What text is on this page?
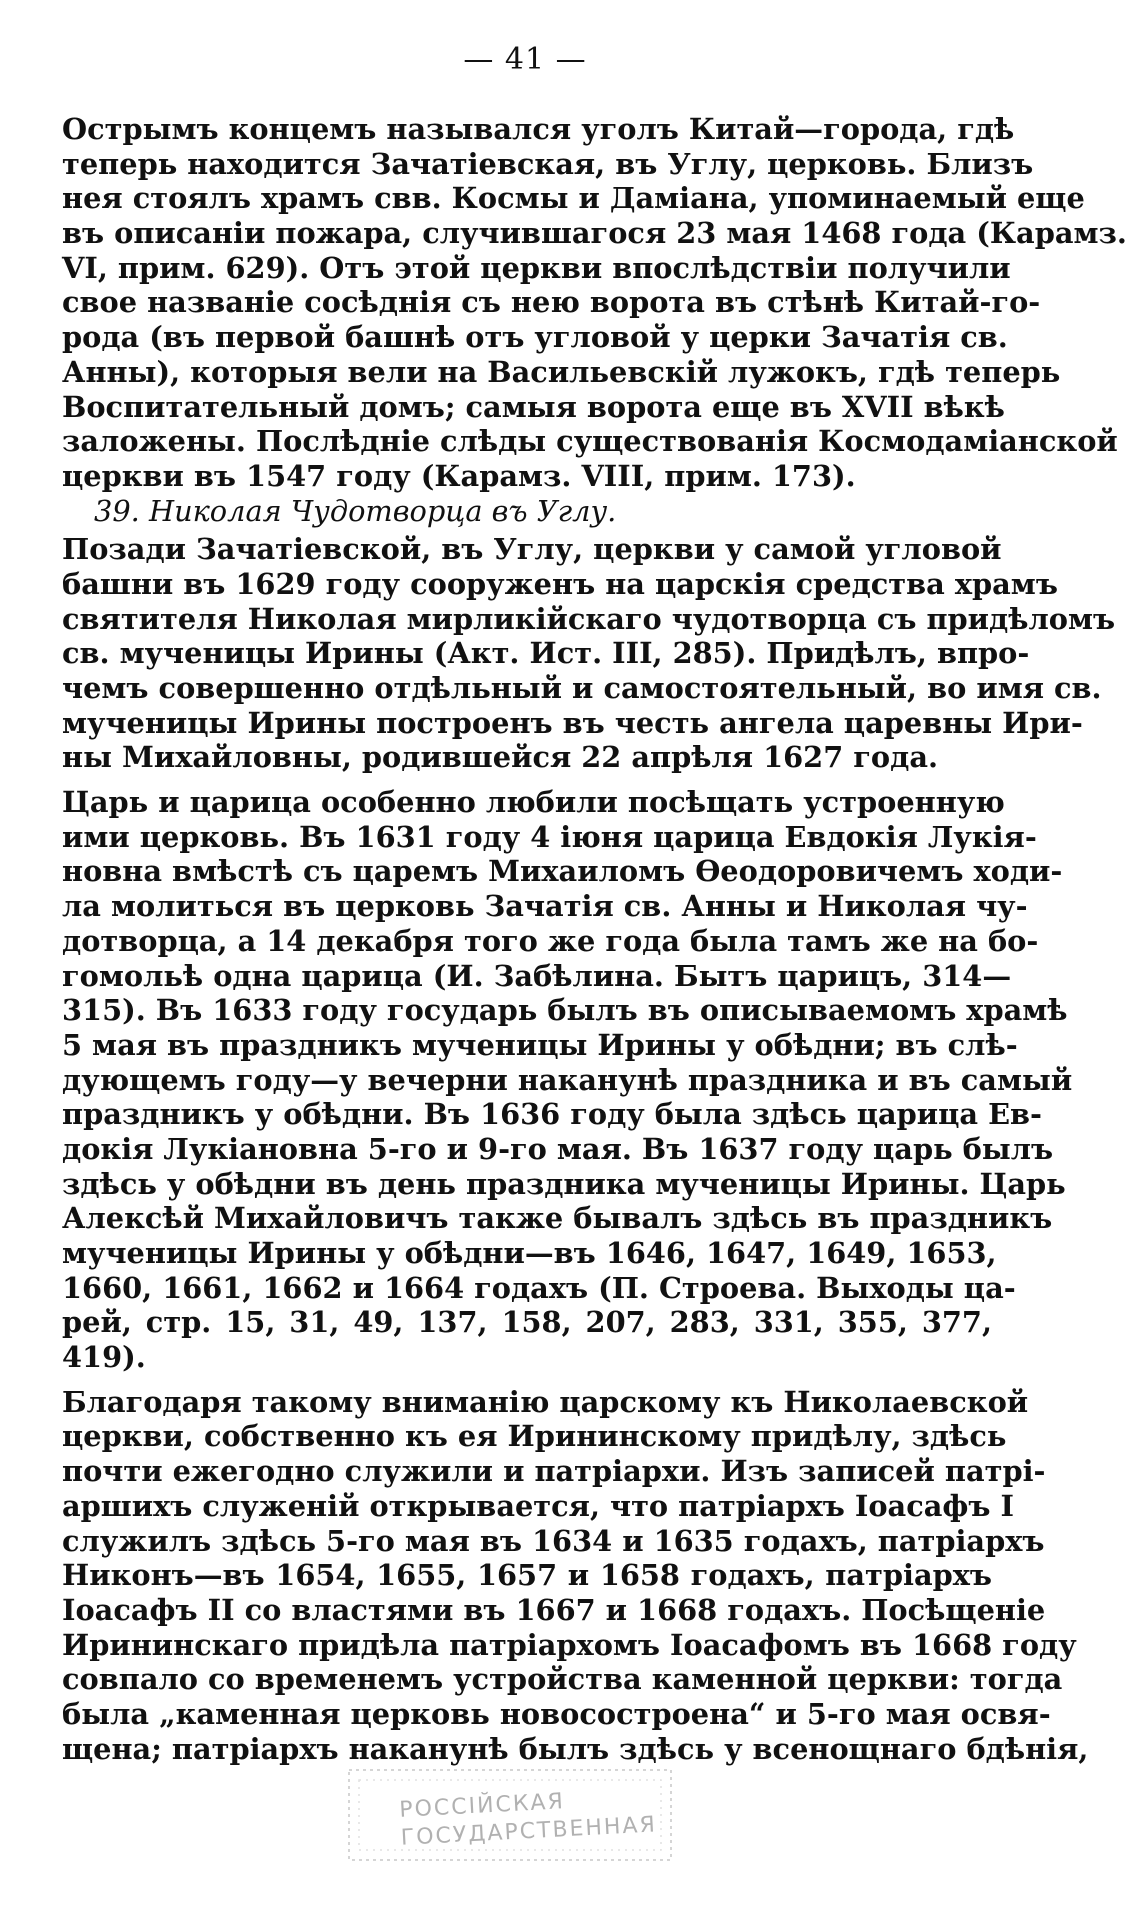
— 41 —
Острымъ концемъ назывался уголъ Китай—города, гдѣ
теперь находится Зачатіевская, въ Углу, церковь. Близъ
нея стоялъ храмъ свв. Космы и Даміана, упоминаемый еще
въ описаніи пожара, случившагося 23 мая 1468 года (Карамз.
VI, прим. 629). Отъ этой церкви впослѣдствіи получили
свое названіе сосѣднія съ нею ворота въ стѣнѣ Китай-го-
рода (въ первой башнѣ отъ угловой у церки Зачатія св.
Анны), которыя вели на Васильевскій лужокъ, гдѣ теперь
Воспитательный домъ; самыя ворота еще въ XVII вѣкѣ
заложены. Послѣдніе слѣды существованія Космодаміанской
церкви въ 1547 году (Карамз. VIII, прим. 173).
39. Николая Чудотворца въ Углу.
Позади Зачатіевской, въ Углу, церкви у самой угловой
башни въ 1629 году сооруженъ на царскія средства храмъ
святителя Николая мирликійскаго чудотворца съ придѣломъ
св. мученицы Ирины (Акт. Ист. III, 285). Придѣлъ, впро-
чемъ совершенно отдѣльный и самостоятельный, во имя св.
мученицы Ирины построенъ въ честь ангела царевны Ири-
ны Михайловны, родившейся 22 апрѣля 1627 года.
Царь и царица особенно любили посѣщать устроенную
ими церковь. Въ 1631 году 4 іюня царица Евдокія Лукія-
новна вмѣстѣ съ царемъ Михаиломъ Ѳеодоровичемъ ходи-
ла молиться въ церковь Зачатія св. Анны и Николая чу-
дотворца, а 14 декабря того же года была тамъ же на бо-
гомольѣ одна царица (И. Забѣлина. Бытъ царицъ, 314—
315). Въ 1633 году государь былъ въ описываемомъ храмѣ
5 мая въ праздникъ мученицы Ирины у обѣдни; въ слѣ-
дующемъ году—у вечерни наканунѣ праздника и въ самый
праздникъ у обѣдни. Въ 1636 году была здѣсь царица Ев-
докія Лукіановна 5-го и 9-го мая. Въ 1637 году царь былъ
здѣсь у обѣдни въ день праздника мученицы Ирины. Царь
Алексѣй Михайловичъ также бывалъ здѣсь въ праздникъ
мученицы Ирины у обѣдни—въ 1646, 1647, 1649, 1653,
1660, 1661, 1662 и 1664 годахъ (П. Строева. Выходы ца-
рей, стр. 15, 31, 49, 137, 158, 207, 283, 331, 355, 377,
419).
Благодаря такому вниманію царскому къ Николаевской
церкви, собственно къ ея Ирининскому придѣлу, здѣсь
почти ежегодно служили и патріархи. Изъ записей патрі-
аршихъ служеній открывается, что патріархъ Іоасафъ I
служилъ здѣсь 5-го мая въ 1634 и 1635 годахъ, патріархъ
Никонъ—въ 1654, 1655, 1657 и 1658 годахъ, патріархъ
Іоасафъ II со властями въ 1667 и 1668 годахъ. Посѣщеніе
Ирининскаго придѣла патріархомъ Іоасафомъ въ 1668 году
совпало со временемъ устройства каменной церкви: тогда
была „каменная церковь новосостроена“ и 5-го мая освя-
щена; патріархъ наканунѣ былъ здѣсь у всенощнаго бдѣнія,
РОССІЙСКАЯ ГОСУДАРСТВЕННАЯ
